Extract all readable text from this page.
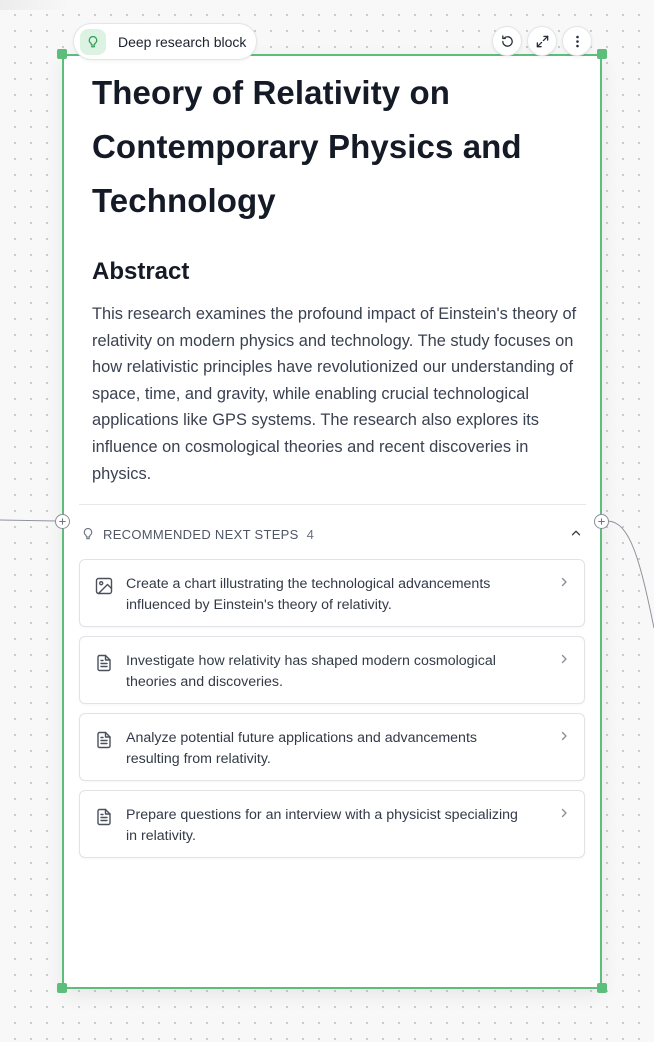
Deep research block
Theory of Relativity on Contemporary Physics and Technology
Abstract

This research examines the profound impact of Einstein's theory of relativity on modern physics and technology. The study focuses on how relativistic principles have revolutionized our understanding of space, time, and gravity, while enabling crucial technological applications like GPS systems. The research also explores its influence on cosmological theories and recent discoveries in physics.

RECOMMENDED NEXT STEPS 4
Create a chart illustrating the technological advancements influenced by Einstein's theory of relativity.
Investigate how relativity has shaped modern cosmological theories and discoveries.
Analyze potential future applications and advancements resulting from relativity.
Prepare questions for an interview with a physicist specializing in relativity.
